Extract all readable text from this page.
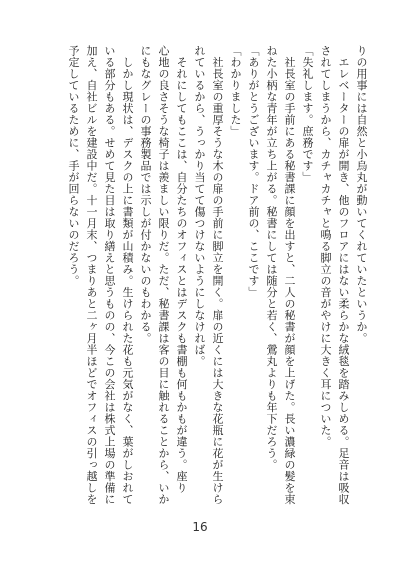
りの用事には自然と小烏丸が動いてくれていたというか。
　エレベーターの扉が開き、他のフロアにはない柔らかな絨毯を踏みしめる。足音は吸収
されてしまうから、カチャカチャと鳴る脚立の音がやけに大きく耳についた。
「失礼します。庶務です」
　社長室の手前にある秘書課に顔を出すと、二人の秘書が顔を上げた。長い濃緑の髪を束
ねた小柄な青年が立ち上がる。秘書にしては随分と若く、鶯丸よりも年下だろう。
「ありがとうございます。ドア前の、ここです」
「わかりました」
　社長室の重厚そうな木の扉の手前に脚立を開く。扉の近くには大きな花瓶に花が生けら
れているから、うっかり当てて傷つけないようにしなければ。
　それにしてもここは、自分たちのオフィスとはデスクも書棚も何もかもが違う。座り
心地の良さそうな椅子は羨ましい限りだ。ただ、秘書課は客の目に触れることから、いか
にもなグレーの事務製品では示しが付かないのもわかる。
　しかし現状は、デスクの上に書類が山積み。生けられた花も元気がなく、葉がしおれて
いる部分もある。せめて見た目は取り繕えと思うものの、今この会社は株式上場の準備に
加え、自社ビルを建設中だ。十一月末、つまりあと二ヶ月半ほどでオフィスの引っ越しを
予定しているために、手が回らないのだろう。
16
